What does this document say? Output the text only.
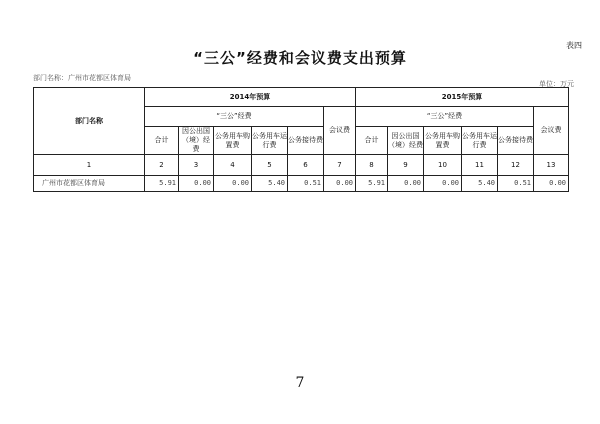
表四
“三公”经费和会议费支出预算
部门名称：广州市花都区体育局
单位：万元
部门名称	2014年预算						2015年预算					
	“三公”经费					会议费	“三公”经费					会议费
	合计	因公出国（境）经费	公务用车购置费	公务用车运行费	公务接待费		合计	因公出国（境）经费	公务用车购置费	公务用车运行费	公务接待费	
1	2	3	4	5	6	7	8	9	10	11	12	13
广州市花都区体育局	5.91	0.00	0.00	5.40	0.51	0.00	5.91	0.00	0.00	5.40	0.51	0.00
7
